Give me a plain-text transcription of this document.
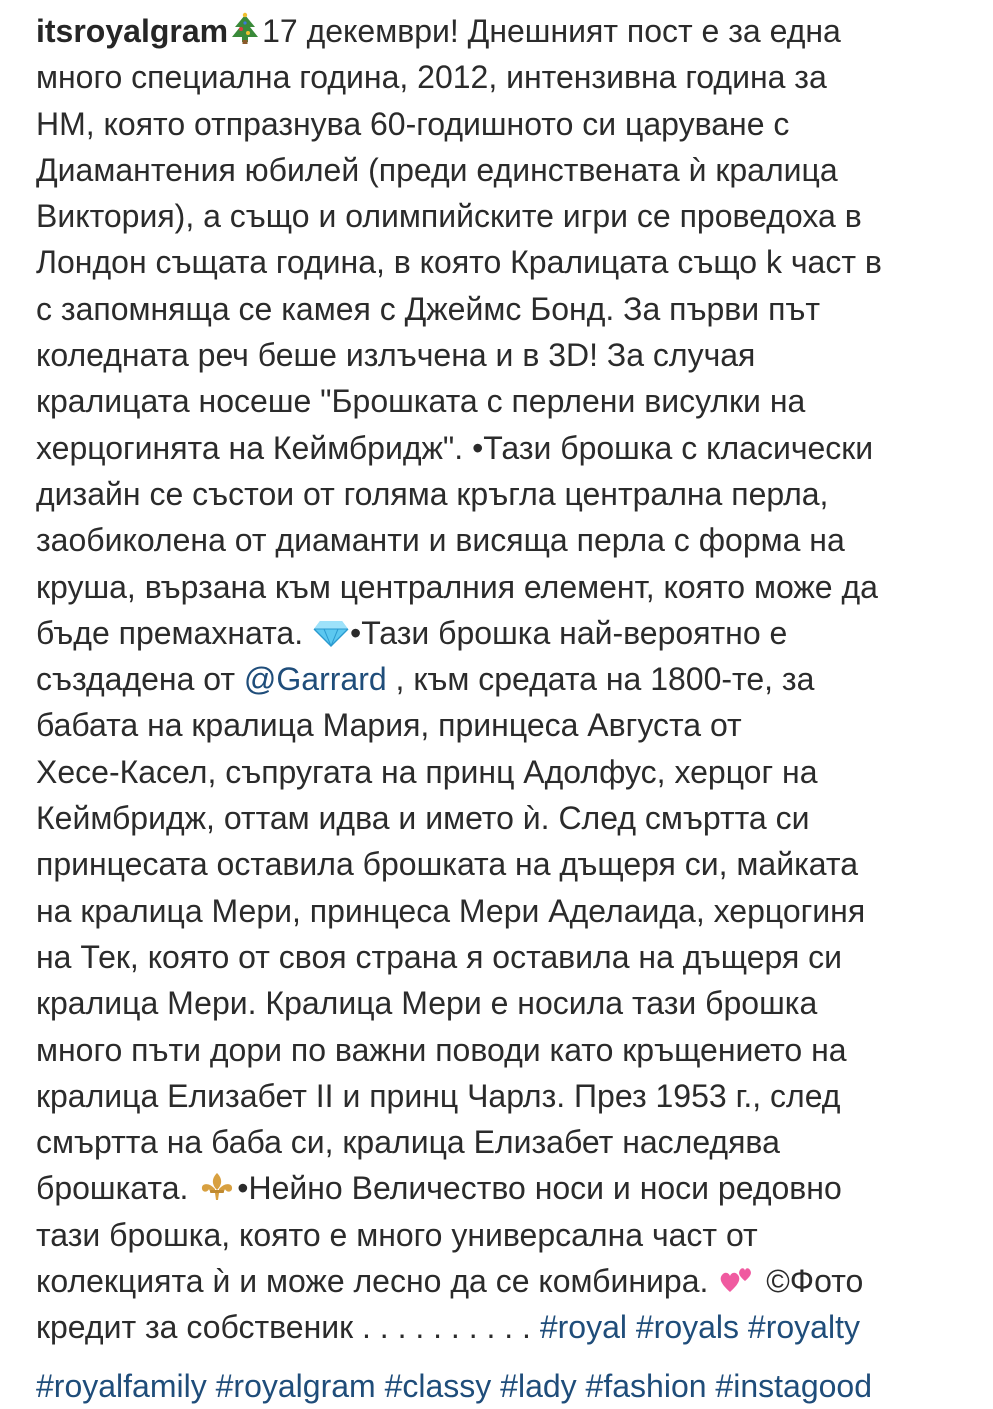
itsroyalgram 17 декември! Днешният пост е за една
много специална година, 2012, интензивна година за
НМ, която отпразнува 60-годишното си царуване с
Диамантения юбилей (преди единствената ѝ кралица
Виктория), а също и олимпийските игри се проведоха в
Лондон същата година, в която Кралицата също k част в
с запомняща се камея с Джеймс Бонд. За първи път
коледната реч беше излъчена и в 3D! За случая
кралицата носеше "Брошката с перлени висулки на
херцогинята на Кеймбридж". •Тази брошка с класически
дизайн се състои от голяма кръгла централна перла,
заобиколена от диаманти и висяща перла с форма на
круша, вързана към централния елемент, която може да
бъде премахната. •Тази брошка най-вероятно е
създадена от @Garrard , към средата на 1800-те, за
бабата на кралица Мария, принцеса Августа от
Хесе-Касел, съпругата на принц Адолфус, херцог на
Кеймбридж, оттам идва и името ѝ. След смъртта си
принцесата оставила брошката на дъщеря си, майката
на кралица Мери, принцеса Мери Аделаида, херцогиня
на Тек, която от своя страна я оставила на дъщеря си
кралица Мери. Кралица Мери е носила тази брошка
много пъти дори по важни поводи като кръщението на
кралица Елизабет II и принц Чарлз. През 1953 г., след
смъртта на баба си, кралица Елизабет наследява
брошката. •Нейно Величество носи и носи редовно
тази брошка, която е много универсална част от
колекцията ѝ и може лесно да се комбинира.  ©Фото
кредит за собственик . . . . . . . . . . #royal #royals #royalty
#royalfamily #royalgram #classy #lady #fashion #instagood
